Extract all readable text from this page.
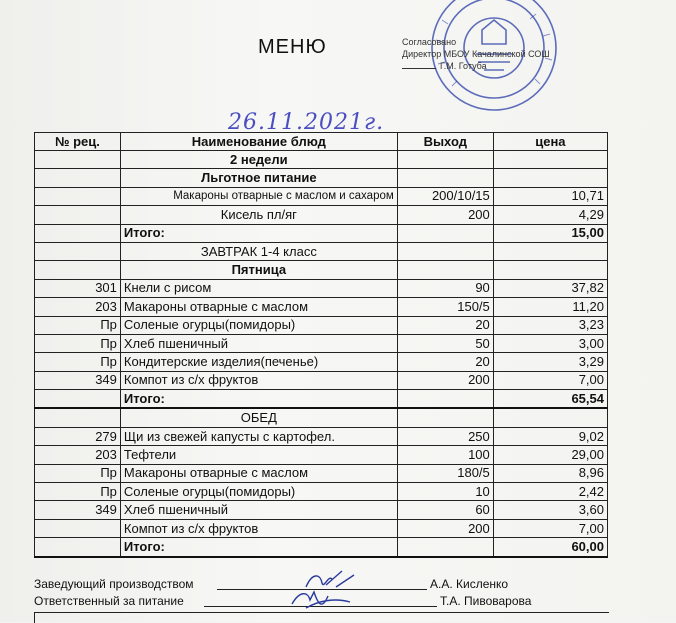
МЕНЮ	Согласовано
Директор МБОУ Качалинской СОШ
Г.М. Готуба
26.11.2021г.
№ рец.	Наименование блюд	Выход	цена
	2 недели		
	Льготное питание		
	Макароны отварные с маслом и сахаром	200/10/15	10,71
	Кисель пл/яг	200	4,29
	Итого:		15,00
	ЗАВТРАК 1-4 класс		
	Пятница		
301	Кнели с рисом	90	37,82
203	Макароны отварные с маслом	150/5	11,20
Пр	Соленые огурцы(помидоры)	20	3,23
Пр	Хлеб пшеничный	50	3,00
Пр	Кондитерские изделия(печенье)	20	3,29
349	Компот из с/х фруктов	200	7,00
	Итого:		65,54
	ОБЕД		
279	Щи из свежей капусты с картофел.	250	9,02
203	Тефтели	100	29,00
Пр	Макароны отварные с маслом	180/5	8,96
Пр	Соленые огурцы(помидоры)	10	2,42
349	Хлеб пшеничный	60	3,60
	Компот из с/х фруктов	200	7,00
	Итого:		60,00
Заведующий производством	А.А. Кисленко
Ответственный за питание	Т.А. Пивоварова
